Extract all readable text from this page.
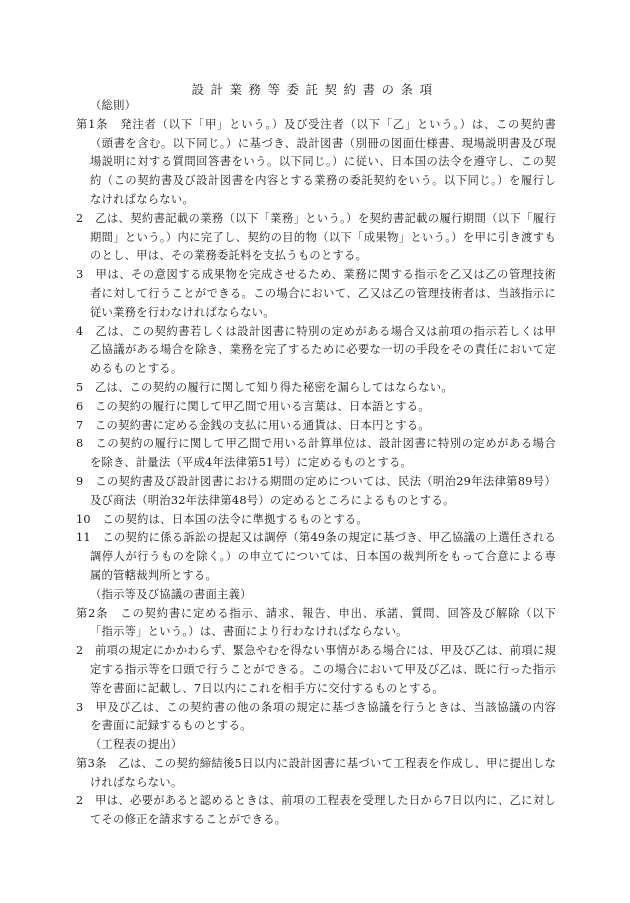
設計業務等委託契約書の条項

（総則）

第1条　発注者（以下「甲」という。）及び受注者（以下「乙」という。）は、この契約書（頭書を含む。以下同じ。）に基づき、設計図書（別冊の図面仕様書、現場説明書及び現場説明に対する質問回答書をいう。以下同じ。）に従い、日本国の法令を遵守し、この契約（この契約書及び設計図書を内容とする業務の委託契約をいう。以下同じ。）を履行しなければならない。

2　乙は、契約書記載の業務（以下「業務」という。）を契約書記載の履行期間（以下「履行期間」という。）内に完了し、契約の目的物（以下「成果物」という。）を甲に引き渡すものとし、甲は、その業務委託料を支払うものとする。

3　甲は、その意図する成果物を完成させるため、業務に関する指示を乙又は乙の管理技術者に対して行うことができる。この場合において、乙又は乙の管理技術者は、当該指示に従い業務を行わなければならない。

4　乙は、この契約書若しくは設計図書に特別の定めがある場合又は前項の指示若しくは甲乙協議がある場合を除き、業務を完了するために必要な一切の手段をその責任において定めるものとする。

5　乙は、この契約の履行に関して知り得た秘密を漏らしてはならない。

6　この契約の履行に関して甲乙間で用いる言葉は、日本語とする。

7　この契約書に定める金銭の支払に用いる通貨は、日本円とする。

8　この契約の履行に関して甲乙間で用いる計算単位は、設計図書に特別の定めがある場合を除き、計量法（平成4年法律第51号）に定めるものとする。

9　この契約書及び設計図書における期間の定めについては、民法（明治29年法律第89号）及び商法（明治32年法律第48号）の定めるところによるものとする。

10　この契約は、日本国の法令に準拠するものとする。

11　この契約に係る訴訟の提起又は調停（第49条の規定に基づき、甲乙協議の上選任される調停人が行うものを除く。）の申立てについては、日本国の裁判所をもって合意による専属的管轄裁判所とする。

（指示等及び協議の書面主義）

第2条　この契約書に定める指示、請求、報告、申出、承諾、質問、回答及び解除（以下「指示等」という。）は、書面により行わなければならない。

2　前項の規定にかかわらず、緊急やむを得ない事情がある場合には、甲及び乙は、前項に規定する指示等を口頭で行うことができる。この場合において甲及び乙は、既に行った指示等を書面に記載し、7日以内にこれを相手方に交付するものとする。

3　甲及び乙は、この契約書の他の条項の規定に基づき協議を行うときは、当該協議の内容を書面に記録するものとする。

（工程表の提出）

第3条　乙は、この契約締結後5日以内に設計図書に基づいて工程表を作成し、甲に提出しなければならない。

2　甲は、必要があると認めるときは、前項の工程表を受理した日から7日以内に、乙に対してその修正を請求することができる。
